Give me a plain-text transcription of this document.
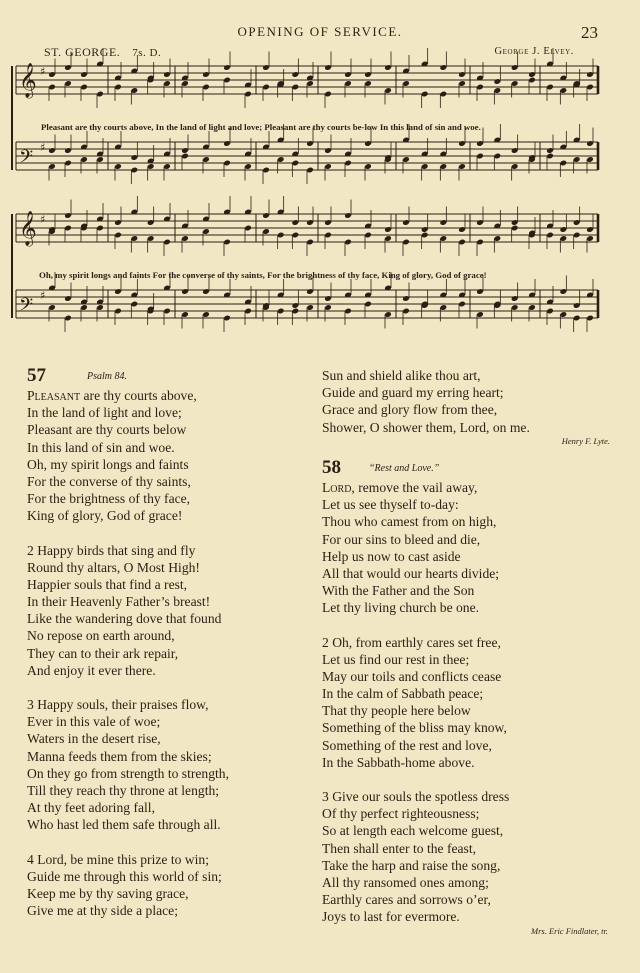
OPENING OF SERVICE.	23
ST. GEORGE. 7s. D.	George J. Elvey.
𝄞 ♯
𝄢 ♯
𝄞 ♯
𝄢 ♯
Pleasant are thy courts above, In the land of light and love; Pleasant are thy courts be-low In this land of sin and woe.
Oh, my spirit longs and faints For the converse of thy saints, For the brightness of thy face, King of glory, God of grace!
57	Psalm 84.
Pleasant are thy courts above,
In the land of light and love;
Pleasant are thy courts below
In this land of sin and woe.
Oh, my spirit longs and faints
For the converse of thy saints,
For the brightness of thy face,
King of glory, God of grace!
2 Happy birds that sing and fly
Round thy altars, O Most High!
Happier souls that find a rest,
In their Heavenly Father’s breast!
Like the wandering dove that found
No repose on earth around,
They can to their ark repair,
And enjoy it ever there.
3 Happy souls, their praises flow,
Ever in this vale of woe;
Waters in the desert rise,
Manna feeds them from the skies;
On they go from strength to strength,
Till they reach thy throne at length;
At thy feet adoring fall,
Who hast led them safe through all.
4 Lord, be mine this prize to win;
Guide me through this world of sin;
Keep me by thy saving grace,
Give me at thy side a place;
Sun and shield alike thou art,
Guide and guard my erring heart;
Grace and glory flow from thee,
Shower, O shower them, Lord, on me.
Henry F. Lyte.
58	“Rest and Love.”
Lord, remove the vail away,
Let us see thyself to-day:
Thou who camest from on high,
For our sins to bleed and die,
Help us now to cast aside
All that would our hearts divide;
With the Father and the Son
Let thy living church be one.
2 Oh, from earthly cares set free,
Let us find our rest in thee;
May our toils and conflicts cease
In the calm of Sabbath peace;
That thy people here below
Something of the bliss may know,
Something of the rest and love,
In the Sabbath-home above.
3 Give our souls the spotless dress
Of thy perfect righteousness;
So at length each welcome guest,
Then shall enter to the feast,
Take the harp and raise the song,
All thy ransomed ones among;
Earthly cares and sorrows o’er,
Joys to last for evermore.
Mrs. Eric Findlater, tr.
